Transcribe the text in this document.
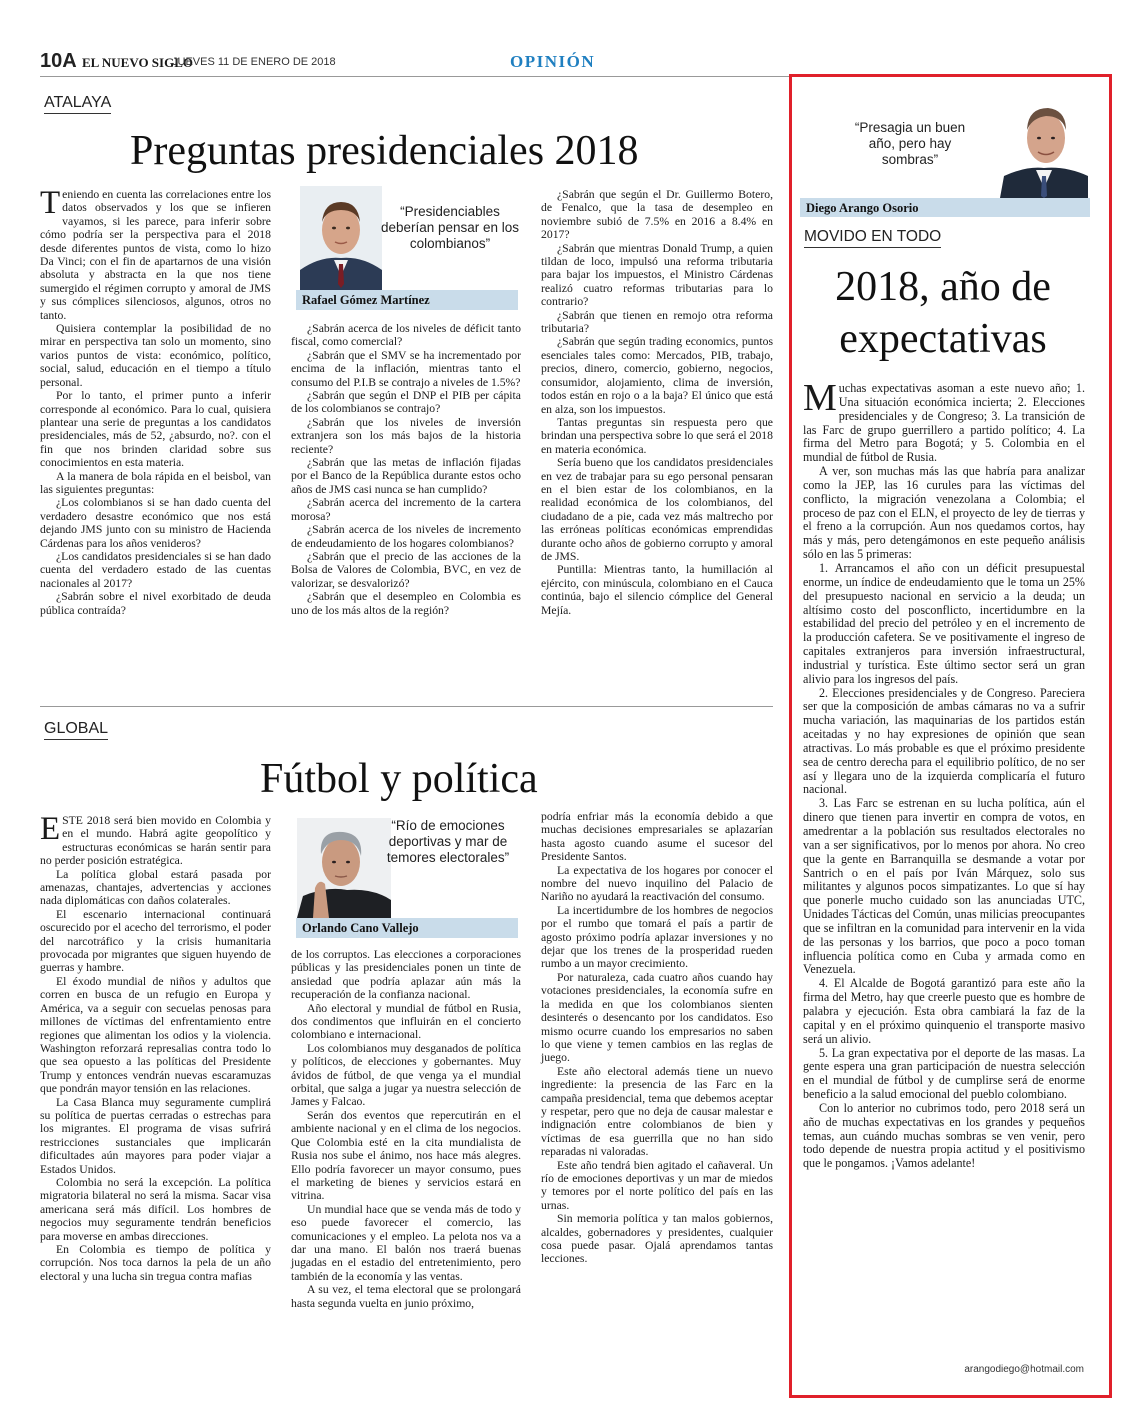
10A EL NUEVO SIGLO
JUEVES 11 DE ENERO DE 2018	OPINIÓN
ATALAYA
Preguntas presidenciales 2018

Teniendo en cuenta las correlaciones entre los datos observados y los que se infieren vayamos, si les parece, para inferir sobre cómo podría ser la perspectiva para el 2018 desde diferentes puntos de vista, como lo hizo Da Vinci; con el fin de apartarnos de una visión absoluta y abstracta en la que nos tiene sumergido el régimen corrupto y amoral de JMS y sus cómplices silenciosos, algunos, otros no tanto.

Quisiera contemplar la posibilidad de no mirar en perspectiva tan solo un momento, sino varios puntos de vista: económico, político, social, salud, educación en el tiempo a título personal.

Por lo tanto, el primer punto a inferir corresponde al económico. Para lo cual, quisiera plantear una serie de preguntas a los candidatos presidenciales, más de 52, ¿absurdo, no?. con el fin que nos brinden claridad sobre sus conocimientos en esta materia.

A la manera de bola rápida en el beisbol, van las siguientes preguntas:

¿Los colombianos si se han dado cuenta del verdadero desastre económico que nos está dejando JMS junto con su ministro de Hacienda Cárdenas para los años venideros?

¿Los candidatos presidenciales si se han dado cuenta del verdadero estado de las cuentas nacionales al 2017?

¿Sabrán sobre el nivel exorbitado de deuda pública contraída?

“Presidenciables deberían pensar en los colombianos”
Rafael Gómez Martínez

¿Sabrán acerca de los niveles de déficit tanto fiscal, como comercial?

¿Sabrán que el SMV se ha incrementado por encima de la inflación, mientras tanto el consumo del P.I.B se contrajo a niveles de 1.5%?

¿Sabrán que según el DNP el PIB per cápita de los colombianos se contrajo?

¿Sabrán que los niveles de inversión extranjera son los más bajos de la historia reciente?

¿Sabrán que las metas de inflación fijadas por el Banco de la República durante estos ocho años de JMS casi nunca se han cumplido?

¿Sabrán acerca del incremento de la cartera morosa?

¿Sabrán acerca de los niveles de incremento de endeudamiento de los hogares colombianos?

¿Sabrán que el precio de las acciones de la Bolsa de Valores de Colombia, BVC, en vez de valorizar, se desvalorizó?

¿Sabrán que el desempleo en Colombia es uno de los más altos de la región?

¿Sabrán que según el Dr. Guillermo Botero, de Fenalco, que la tasa de desempleo en noviembre subió de 7.5% en 2016 a 8.4% en 2017?

¿Sabrán que mientras Donald Trump, a quien tildan de loco, impulsó una reforma tributaria para bajar los impuestos, el Ministro Cárdenas realizó cuatro reformas tributarias para lo contrario?

¿Sabrán que tienen en remojo otra reforma tributaria?

¿Sabrán que según trading economics, puntos esenciales tales como: Mercados, PIB, trabajo, precios, dinero, comercio, gobierno, negocios, consumidor, alojamiento, clima de inversión, todos están en rojo o a la baja? El único que está en alza, son los impuestos.

Tantas preguntas sin respuesta pero que brindan una perspectiva sobre lo que será el 2018 en materia económica.

Sería bueno que los candidatos presidenciales en vez de trabajar para su ego personal pensaran en el bien estar de los colombianos, en la realidad económica de los colombianos, del ciudadano de a pie, cada vez más maltrecho por las erróneas políticas económicas emprendidas durante ocho años de gobierno corrupto y amoral de JMS.

Puntilla: Mientras tanto, la humillación al ejército, con minúscula, colombiano en el Cauca continúa, bajo el silencio cómplice del General Mejía.

GLOBAL
Fútbol y política

ESTE 2018 será bien movido en Colombia y en el mundo. Habrá agite geopolítico y estructuras económicas se harán sentir para no perder posición estratégica.

La política global estará pasada por amenazas, chantajes, advertencias y acciones nada diplomáticas con daños colaterales.

El escenario internacional continuará oscurecido por el acecho del terrorismo, el poder del narcotráfico y la crisis humanitaria provocada por migrantes que siguen huyendo de guerras y hambre.

El éxodo mundial de niños y adultos que corren en busca de un refugio en Europa y América, va a seguir con secuelas penosas para millones de víctimas del enfrentamiento entre regiones que alimentan los odios y la violencia. Washington reforzará represalias contra todo lo que sea opuesto a las políticas del Presidente Trump y entonces vendrán nuevas escaramuzas que pondrán mayor tensión en las relaciones.

La Casa Blanca muy seguramente cumplirá su política de puertas cerradas o estrechas para los migrantes. El programa de visas sufrirá restricciones sustanciales que implicarán dificultades aún mayores para poder viajar a Estados Unidos.

Colombia no será la excepción. La política migratoria bilateral no será la misma. Sacar visa americana será más difícil. Los hombres de negocios muy seguramente tendrán beneficios para moverse en ambas direcciones.

En Colombia es tiempo de política y corrupción. Nos toca darnos la pela de un año electoral y una lucha sin tregua contra mafias

“Río de emociones deportivas y mar de temores electorales”
Orlando Cano Vallejo

de los corruptos. Las elecciones a corporaciones públicas y las presidenciales ponen un tinte de ansiedad que podría aplazar aún más la recuperación de la confianza nacional.

Año electoral y mundial de fútbol en Rusia, dos condimentos que influirán en el concierto colombiano e internacional.

Los colombianos muy desganados de política y políticos, de elecciones y gobernantes. Muy ávidos de fútbol, de que venga ya el mundial orbital, que salga a jugar ya nuestra selección de James y Falcao.

Serán dos eventos que repercutirán en el ambiente nacional y en el clima de los negocios. Que Colombia esté en la cita mundialista de Rusia nos sube el ánimo, nos hace más alegres. Ello podría favorecer un mayor consumo, pues el marketing de bienes y servicios estará en vitrina.

Un mundial hace que se venda más de todo y eso puede favorecer el comercio, las comunicaciones y el empleo. La pelota nos va a dar una mano. El balón nos traerá buenas jugadas en el estadio del entretenimiento, pero también de la economía y las ventas.

A su vez, el tema electoral que se prolongará hasta segunda vuelta en junio próximo,

podría enfriar más la economía debido a que muchas decisiones empresariales se aplazarían hasta agosto cuando asume el sucesor del Presidente Santos.

La expectativa de los hogares por conocer el nombre del nuevo inquilino del Palacio de Nariño no ayudará la reactivación del consumo.

La incertidumbre de los hombres de negocios por el rumbo que tomará el país a partir de agosto próximo podría aplazar inversiones y no dejar que los trenes de la prosperidad rueden rumbo a un mayor crecimiento.

Por naturaleza, cada cuatro años cuando hay votaciones presidenciales, la economía sufre en la medida en que los colombianos sienten desinterés o desencanto por los candidatos. Eso mismo ocurre cuando los empresarios no saben lo que viene y temen cambios en las reglas de juego.

Este año electoral además tiene un nuevo ingrediente: la presencia de las Farc en la campaña presidencial, tema que debemos aceptar y respetar, pero que no deja de causar malestar e indignación entre colombianos de bien y víctimas de esa guerrilla que no han sido reparadas ni valoradas.

Este año tendrá bien agitado el cañaveral. Un río de emociones deportivas y un mar de miedos y temores por el norte político del país en las urnas.

Sin memoria política y tan malos gobiernos, alcaldes, gobernadores y presidentes, cualquier cosa puede pasar. Ojalá aprendamos tantas lecciones.

“Presagia un buen año, pero hay sombras”
Diego Arango Osorio
MOVIDO EN TODO
2018, año de
expectativas

Muchas expectativas asoman a este nuevo año; 1. Una situación económica incierta; 2. Elecciones presidenciales y de Congreso; 3. La transición de las Farc de grupo guerrillero a partido político; 4. La firma del Metro para Bogotá; y 5. Colombia en el mundial de fútbol de Rusia.

A ver, son muchas más las que habría para analizar como la JEP, las 16 curules para las víctimas del conflicto, la migración venezolana a Colombia; el proceso de paz con el ELN, el proyecto de ley de tierras y el freno a la corrupción. Aun nos quedamos cortos, hay más y más, pero detengámonos en este pequeño análisis sólo en las 5 primeras:

1. Arrancamos el año con un déficit presupuestal enorme, un índice de endeudamiento que le toma un 25% del presupuesto nacional en servicio a la deuda; un altísimo costo del posconflicto, incertidumbre en la estabilidad del precio del petróleo y en el incremento de la producción cafetera. Se ve positivamente el ingreso de capitales extranjeros para inversión infraestructural, industrial y turística. Este último sector será un gran alivio para los ingresos del país.

2. Elecciones presidenciales y de Congreso. Pareciera ser que la composición de ambas cámaras no va a sufrir mucha variación, las maquinarias de los partidos están aceitadas y no hay expresiones de opinión que sean atractivas. Lo más probable es que el próximo presidente sea de centro derecha para el equilibrio político, de no ser así y llegara uno de la izquierda complicaría el futuro nacional.

3. Las Farc se estrenan en su lucha política, aún el dinero que tienen para invertir en compra de votos, en amedrentar a la población sus resultados electorales no van a ser significativos, por lo menos por ahora. No creo que la gente en Barranquilla se desmande a votar por Santrich o en el país por Iván Márquez, solo sus militantes y algunos pocos simpatizantes. Lo que sí hay que ponerle mucho cuidado son las anunciadas UTC, Unidades Tácticas del Común, unas milicias preocupantes que se infiltran en la comunidad para intervenir en la vida de las personas y los barrios, que poco a poco toman influencia política como en Cuba y armada como en Venezuela.

4. El Alcalde de Bogotá garantizó para este año la firma del Metro, hay que creerle puesto que es hombre de palabra y ejecución. Esta obra cambiará la faz de la capital y en el próximo quinquenio el transporte masivo será un alivio.

5. La gran expectativa por el deporte de las masas. La gente espera una gran participación de nuestra selección en el mundial de fútbol y de cumplirse será de enorme beneficio a la salud emocional del pueblo colombiano.

Con lo anterior no cubrimos todo, pero 2018 será un año de muchas expectativas en los grandes y pequeños temas, aun cuándo muchas sombras se ven venir, pero todo depende de nuestra propia actitud y el positivismo que le pongamos. ¡Vamos adelante!

arangodiego@hotmail.com
